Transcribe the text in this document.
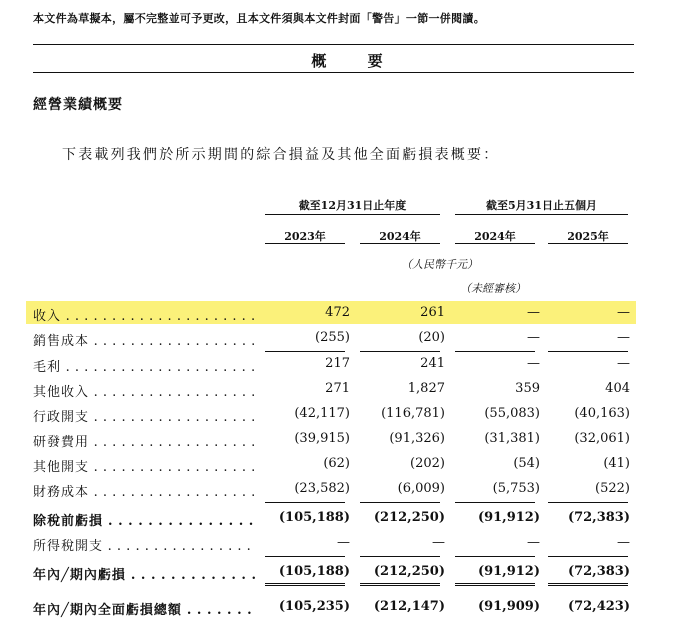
本文件為草擬本，屬不完整並可予更改，且本文件須與本文件封面「警告」一節一併閱讀。
概 要
經營業績概要
下表載列我們於所示期間的綜合損益及其他全面虧損表概要：
截至12月31日止年度	截至5月31日止五個月
2023年	2024年	2024年	2025年
（人民幣千元）
（未經審核）
收入 . . .	472	261	—	—
銷售成本 . . .	(255)	(20)	—	—
毛利 . . .	217	241	—	—
其他收入 . . .	271	1,827	359	404
行政開支 . . .	(42,117)	(116,781)	(55,083)	(40,163)
研發費用 . . .	(39,915)	(91,326)	(31,381)	(32,061)
其他開支 . . .	(62)	(202)	(54)	(41)
財務成本 . . .	(23,582)	(6,009)	(5,753)	(522)
除稅前虧損 . . .	(105,188)	(212,250)	(91,912)	(72,383)
所得稅開支 . . .	—	—	—	—
年內╱期內虧損 . . .	(105,188)	(212,250)	(91,912)	(72,383)
年內╱期內全面虧損總額 . . .	(105,235)	(212,147)	(91,909)	(72,423)
